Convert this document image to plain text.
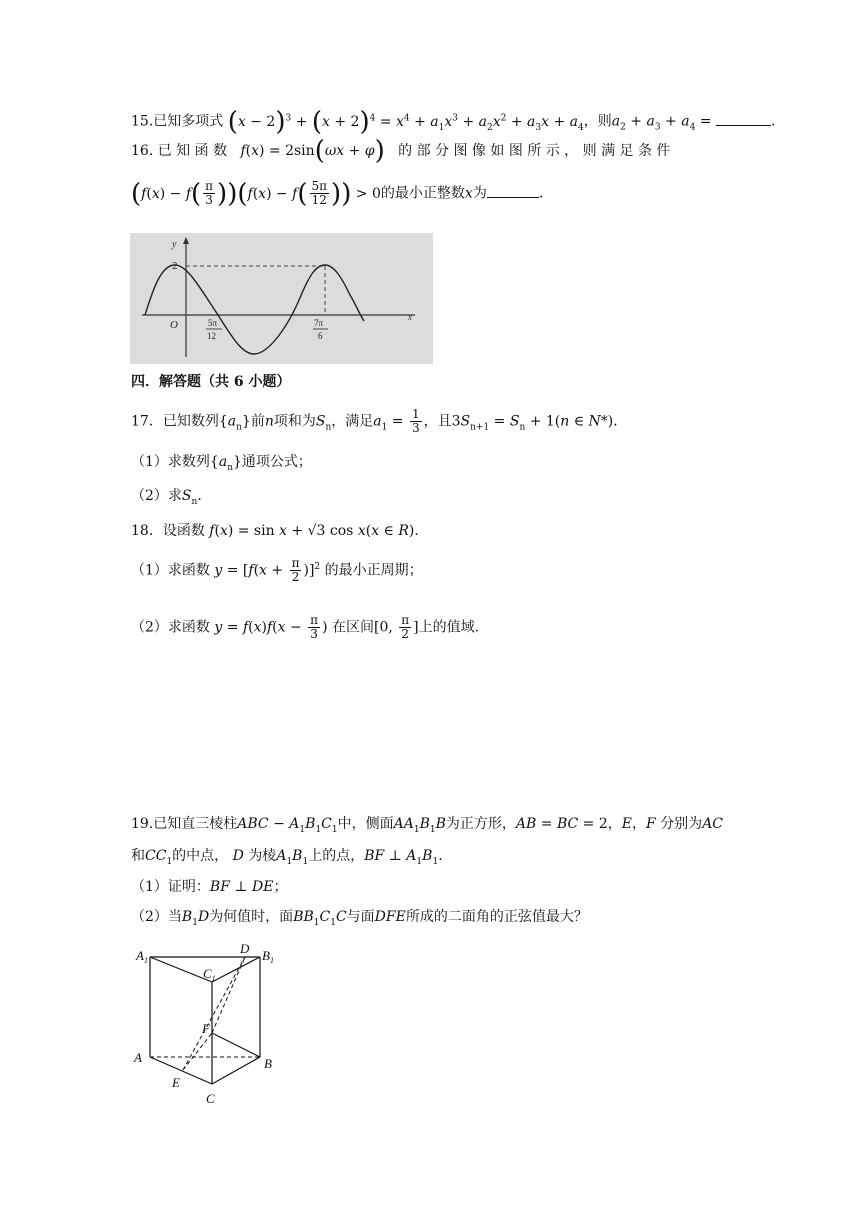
15.已知多项式 $(x - 2)^3 + (x + 2)^4 = x^4 + a_1x^3 + a_2x^2 + a_3x + a_4$，则$a_2 + a_3 + a_4$ =	.
16. 已 知 函 数 f(x) = 2sin(ωx + φ) 的 部 分 图 像 如 图 所 示 ， 则 满 足 条 件
$(f(x) - f( \frac{\pi}{3} ))(f(x) - f( \frac{5\pi}{12}$ )) > 0的最小正整数x为	.
y
x
2
O	5π
12
7π
6
四．解答题（共 6 小题）
17．已知数列$\{a_n\}$前n项和为$S_n$，满足$a_1 = \frac{1}{3}$ ，且$3S_{n+1} = S_n + 1(n$ ∈ N*)．
（1）求数列$\{a_n\}$通项公式；
（2）求$S_n$．
18．设函数 f(x) = sin x + √3 cos x(x ∈ R)．
（1）求函数 $y = [f(x + \frac{\pi}{2} )]^2$ 的最小正周期；
（2）求函数 $y = f(x)f(x - \frac{\pi}{3}$ ) 在区间[0, $\frac{\pi}{2}$ ]上的值域.
19.已知直三棱柱ABC − $A_1B_1C_1$中，侧面$AA_1B_1B$为正方形，AB = BC = 2，E，F 分别为AC
和$CC_1$的中点， D 为棱$A_1B_1$上的点，BF ⊥ $A_1B_1$.
（1）证明：BF ⊥ DE；
（2）当$B_1D$为何值时，面$BB_1C_1C$与面DFE所成的二面角的正弦值最大？
$A_1$	$B_1$
$C_1$
D
F
A	B
E
C
